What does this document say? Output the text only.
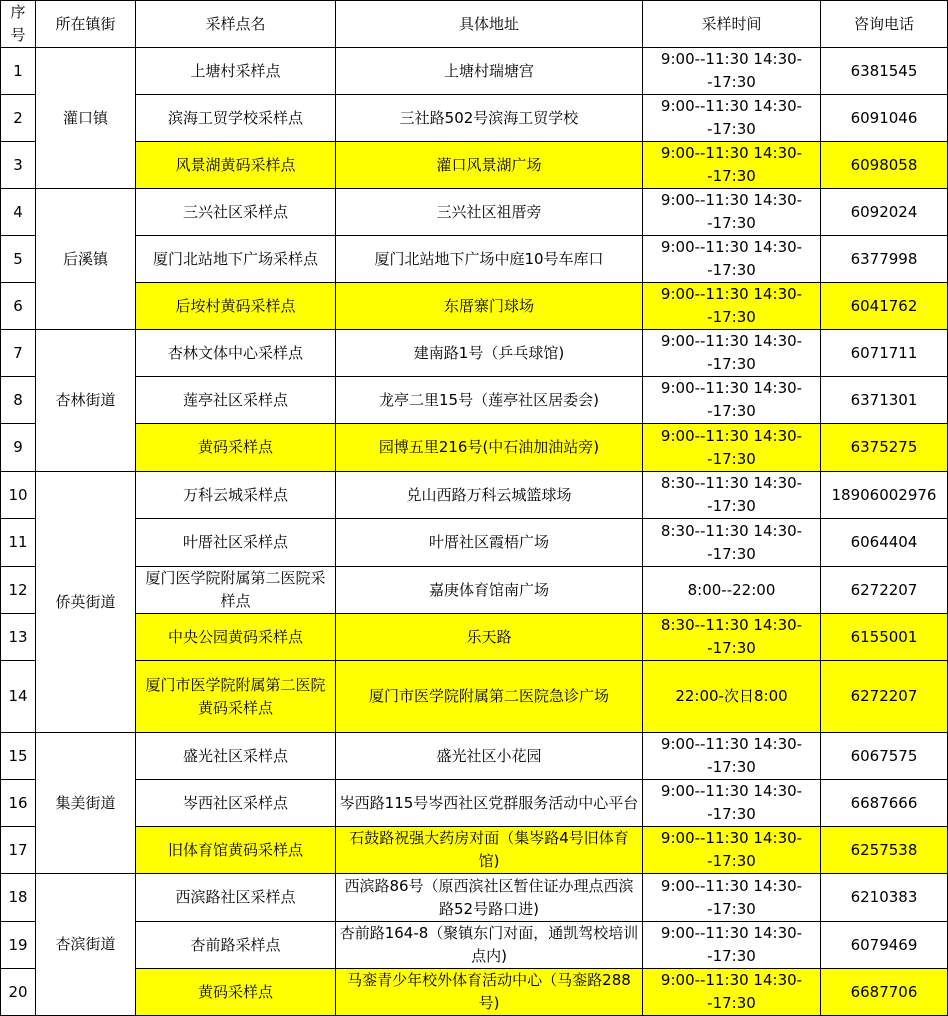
序号	所在镇街	采样点名	具体地址	采样时间	咨询电话
1	灌口镇	上塘村采样点	上塘村瑞塘宫	9:00--11:30 14:30--17:30	6381545
2		滨海工贸学校采样点	三社路502号滨海工贸学校	9:00--11:30 14:30--17:30	6091046
3		风景湖黄码采样点	灌口风景湖广场	9:00--11:30 14:30--17:30	6098058
4	后溪镇	三兴社区采样点	三兴社区祖厝旁	9:00--11:30 14:30--17:30	6092024
5		厦门北站地下广场采样点	厦门北站地下广场中庭10号车库口	9:00--11:30 14:30--17:30	6377998
6		后垵村黄码采样点	东厝寨门球场	9:00--11:30 14:30--17:30	6041762
7	杏林街道	杏林文体中心采样点	建南路1号（乒乓球馆)	9:00--11:30 14:30--17:30	6071711
8		莲亭社区采样点	龙亭二里15号（莲亭社区居委会)	9:00--11:30 14:30--17:30	6371301
9		黄码采样点	园博五里216号(中石油加油站旁)	9:00--11:30 14:30--17:30	6375275
10	侨英街道	万科云城采样点	兑山西路万科云城篮球场	8:30--11:30 14:30--17:30	18906002976
11		叶厝社区采样点	叶厝社区霞梧广场	8:30--11:30 14:30--17:30	6064404
12		厦门医学院附属第二医院采样点	嘉庚体育馆南广场	8:00--22:00	6272207
13		中央公园黄码采样点	乐天路	8:30--11:30 14:30--17:30	6155001
14		厦门市医学院附属第二医院黄码采样点	厦门市医学院附属第二医院急诊广场	22:00-次日8:00	6272207
15	集美街道	盛光社区采样点	盛光社区小花园	9:00--11:30 14:30--17:30	6067575
16		岑西社区采样点	岑西路115号岑西社区党群服务活动中心平台	9:00--11:30 14:30--17:30	6687666
17		旧体育馆黄码采样点	石鼓路祝强大药房对面（集岑路4号旧体育馆)	9:00--11:30 14:30--17:30	6257538
18	杏滨街道	西滨路社区采样点	西滨路86号（原西滨社区暂住证办理点西滨路52号路口进)	9:00--11:30 14:30--17:30	6210383
19		杏前路采样点	杏前路164-8（聚镇东门对面，通凯驾校培训点内)	9:00--11:30 14:30--17:30	6079469
20		黄码采样点	马銮青少年校外体育活动中心（马銮路288号)	9:00--11:30 14:30--17:30	6687706
